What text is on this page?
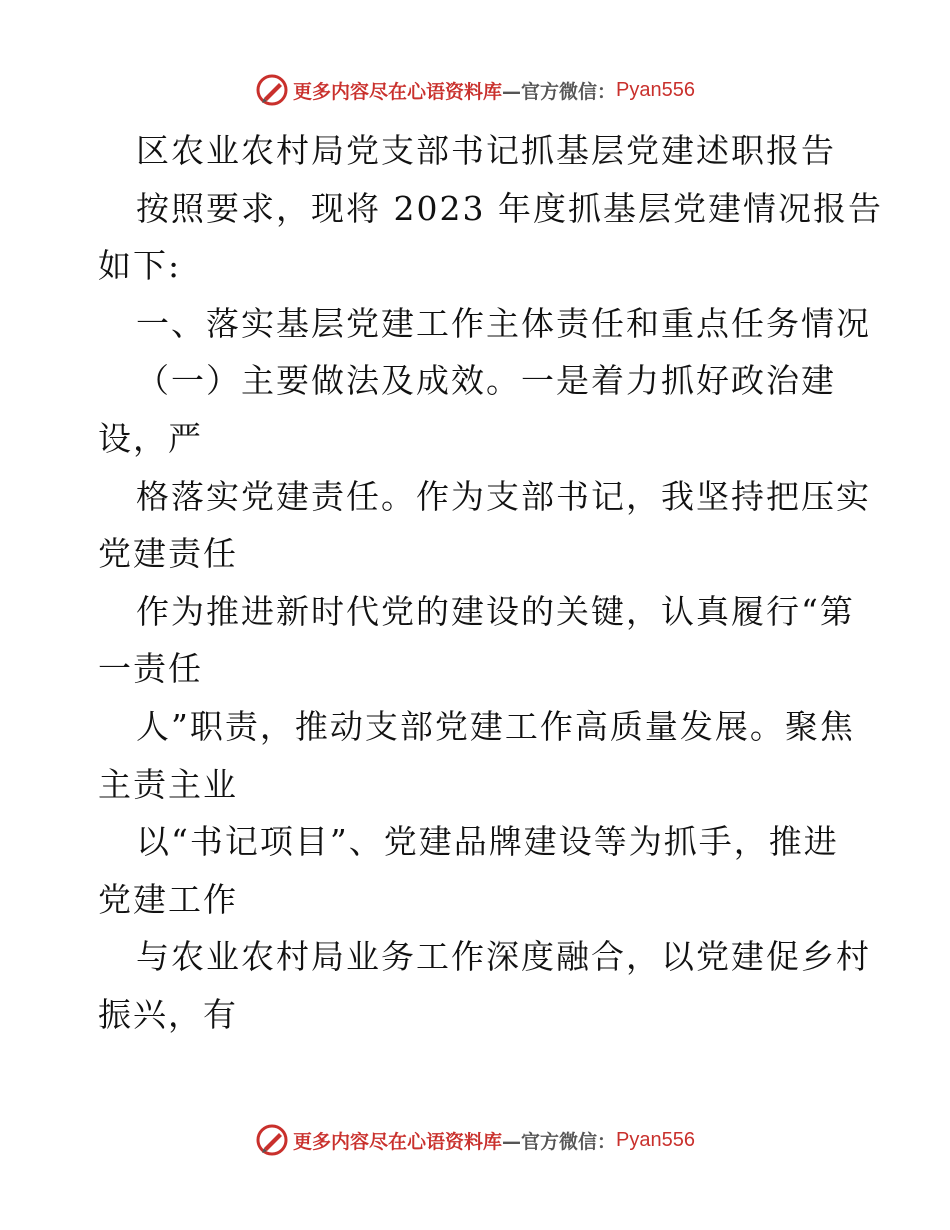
更多内容尽在心语资料库 —官方微信： Pyan556
区农业农村局党支部书记抓基层党建述职报告
按照要求，现将 2023 年度抓基层党建情况报告
如下:
一、落实基层党建工作主体责任和重点任务情况
（一）主要做法及成效。一是着力抓好政治建
设，严
格落实党建责任。作为支部书记，我坚持把压实
党建责任
作为推进新时代党的建设的关键，认真履行“第
一责任
人”职责，推动支部党建工作高质量发展。聚焦
主责主业
以“书记项目”、党建品牌建设等为抓手，推进
党建工作
与农业农村局业务工作深度融合，以党建促乡村
振兴，有
更多内容尽在心语资料库 —官方微信： Pyan556
